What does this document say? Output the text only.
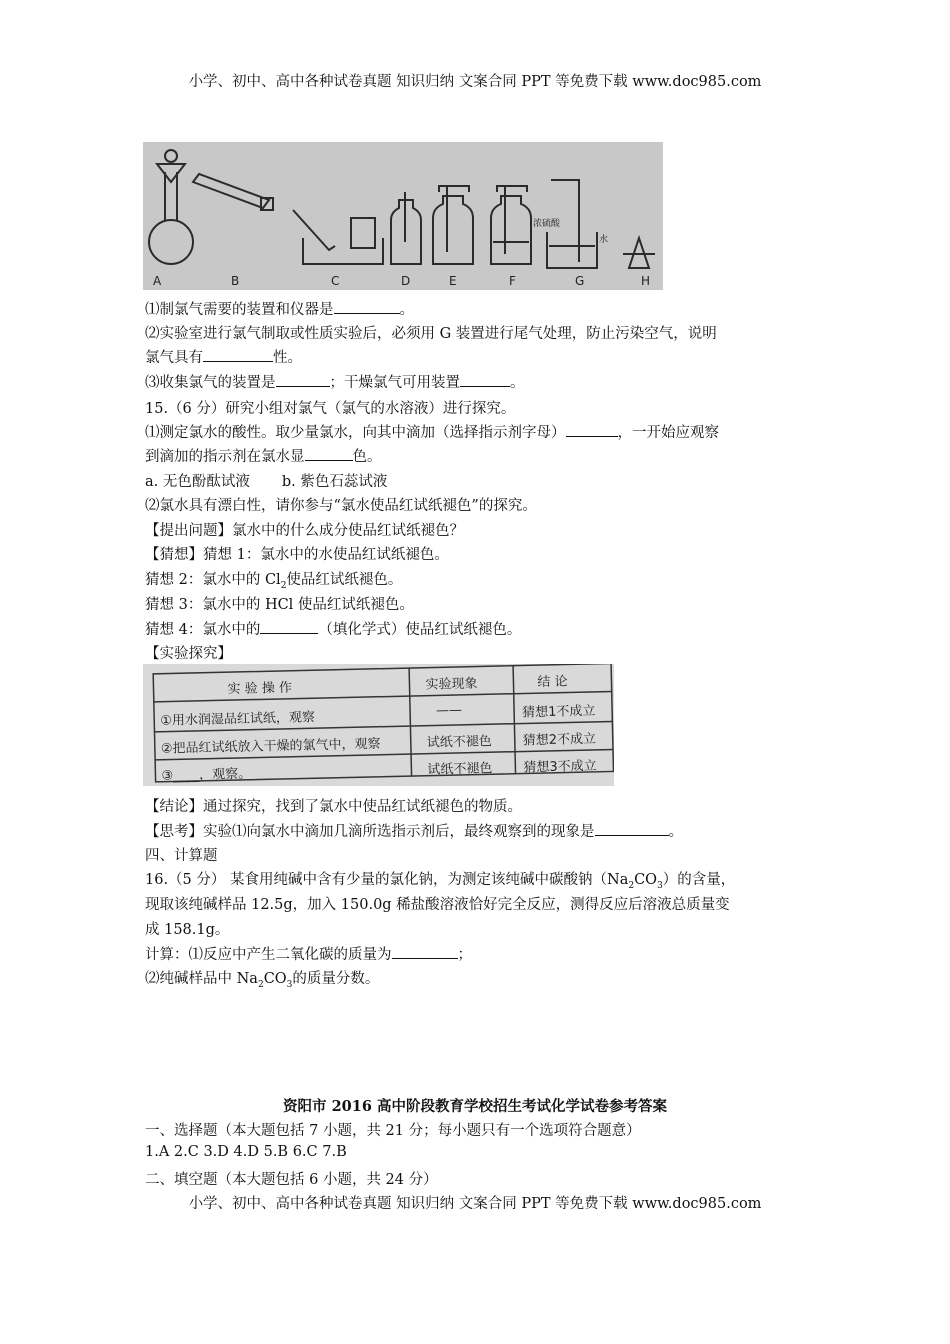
小学、初中、高中各种试卷真题 知识归纳 文案合同 PPT 等免费下载 www.doc985.com
A	B	C	D	E	F	G	H
浓硫酸
水
⑴制氯气需要的装置和仪器是	。
⑵实验室进行氯气制取或性质实验后，必须用 G 装置进行尾气处理，防止污染空气，说明
氯气具有	性。
⑶收集氯气的装置是	；干燥氯气可用装置	。
15.（6 分）研究小组对氯气（氯气的水溶液）进行探究。
⑴测定氯水的酸性。取少量氯水，向其中滴加（选择指示剂字母）	，一开始应观察
到滴加的指示剂在氯水显	色。
a. 无色酚酞试液 b. 紫色石蕊试液
⑵氯水具有漂白性，请你参与“氯水使品红试纸褪色”的探究。
【提出问题】氯水中的什么成分使品红试纸褪色？
【猜想】猜想 1：氯水中的水使品红试纸褪色。
猜想 2：氯水中的 $Cl_2$使品红试纸褪色。
猜想 3：氯水中的 HCl 使品红试纸褪色。
猜想 4：氯水中的	（填化学式）使品红试纸褪色。
【实验探究】
实 验 操 作	实验现象	结 论
①用水润湿品红试纸，观察	——	猜想1不成立
②把品红试纸放入干燥的氯气中，观察	试纸不褪色 猜想2不成立
③____，观察。	试纸不褪色 猜想3不成立
【结论】通过探究，找到了氯水中使品红试纸褪色的物质。
【思考】实验⑴向氯水中滴加几滴所选指示剂后，最终观察到的现象是	。
四、计算题
16.（5 分） 某食用纯碱中含有少量的氯化钠，为测定该纯碱中碳酸钠$(Na_2CO_3)$的含量，
现取该纯碱样品 12.5g，加入 150.0g 稀盐酸溶液恰好完全反应，测得反应后溶液总质量变
成 158.1g。
计算：⑴反应中产生二氧化碳的质量为	；
⑵纯碱样品中 $Na_2CO_3$的质量分数。
资阳市 2016 高中阶段教育学校招生考试化学试卷参考答案
一、选择题（本大题包括 7 小题，共 21 分；每小题只有一个选项符合题意）
1.A 2.C 3.D 4.D 5.B 6.C 7.B
二、填空题（本大题包括 6 小题，共 24 分）
小学、初中、高中各种试卷真题 知识归纳 文案合同 PPT 等免费下载 www.doc985.com
